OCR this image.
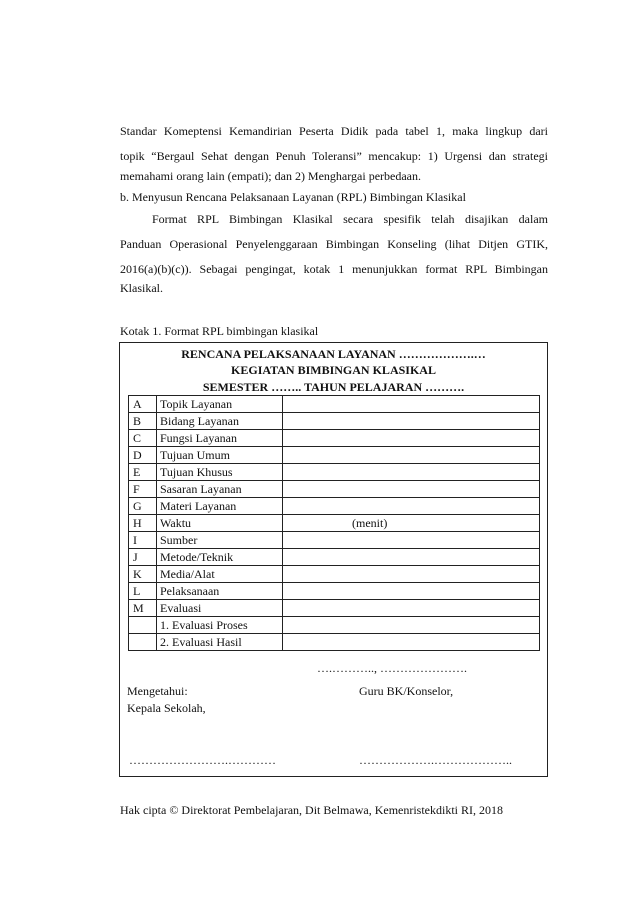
Standar Komeptensi Kemandirian Peserta Didik pada tabel 1, maka lingkup dari

topik “Bergaul Sehat dengan Penuh Toleransi” mencakup: 1) Urgensi dan strategi

memahami orang lain (empati); dan 2) Menghargai perbedaan.

b. Menyusun Rencana Pelaksanaan Layanan (RPL) Bimbingan Klasikal

Format RPL Bimbingan Klasikal secara spesifik telah disajikan dalam

Panduan Operasional Penyelenggaraan Bimbingan Konseling (lihat Ditjen GTIK,

2016(a)(b)(c)). Sebagai pengingat, kotak 1 menunjukkan format RPL Bimbingan

Klasikal.

Kotak 1. Format RPL bimbingan klasikal

RENCANA PELAKSANAAN LAYANAN ……………….…
KEGIATAN BIMBINGAN KLASIKAL
SEMESTER …….. TAHUN PELAJARAN ……….
A	Topik Layanan	
B	Bidang Layanan	
C	Fungsi Layanan	
D	Tujuan Umum	
E	Tujuan Khusus	
F	Sasaran Layanan	
G	Materi Layanan	
H	Waktu	(menit)
I	Sumber	
J	Metode/Teknik	
K	Media/Alat	
L	Pelaksanaan	
M	Evaluasi	
	1. Evaluasi Proses	
	2. Evaluasi Hasil	
….……….., ………………….
Mengetahui:
Kepala Sekolah,
Guru BK/Konselor,
…………………….…………	……………….………………..

Hak cipta © Direktorat Pembelajaran, Dit Belmawa, Kemenristekdikti RI, 2018
